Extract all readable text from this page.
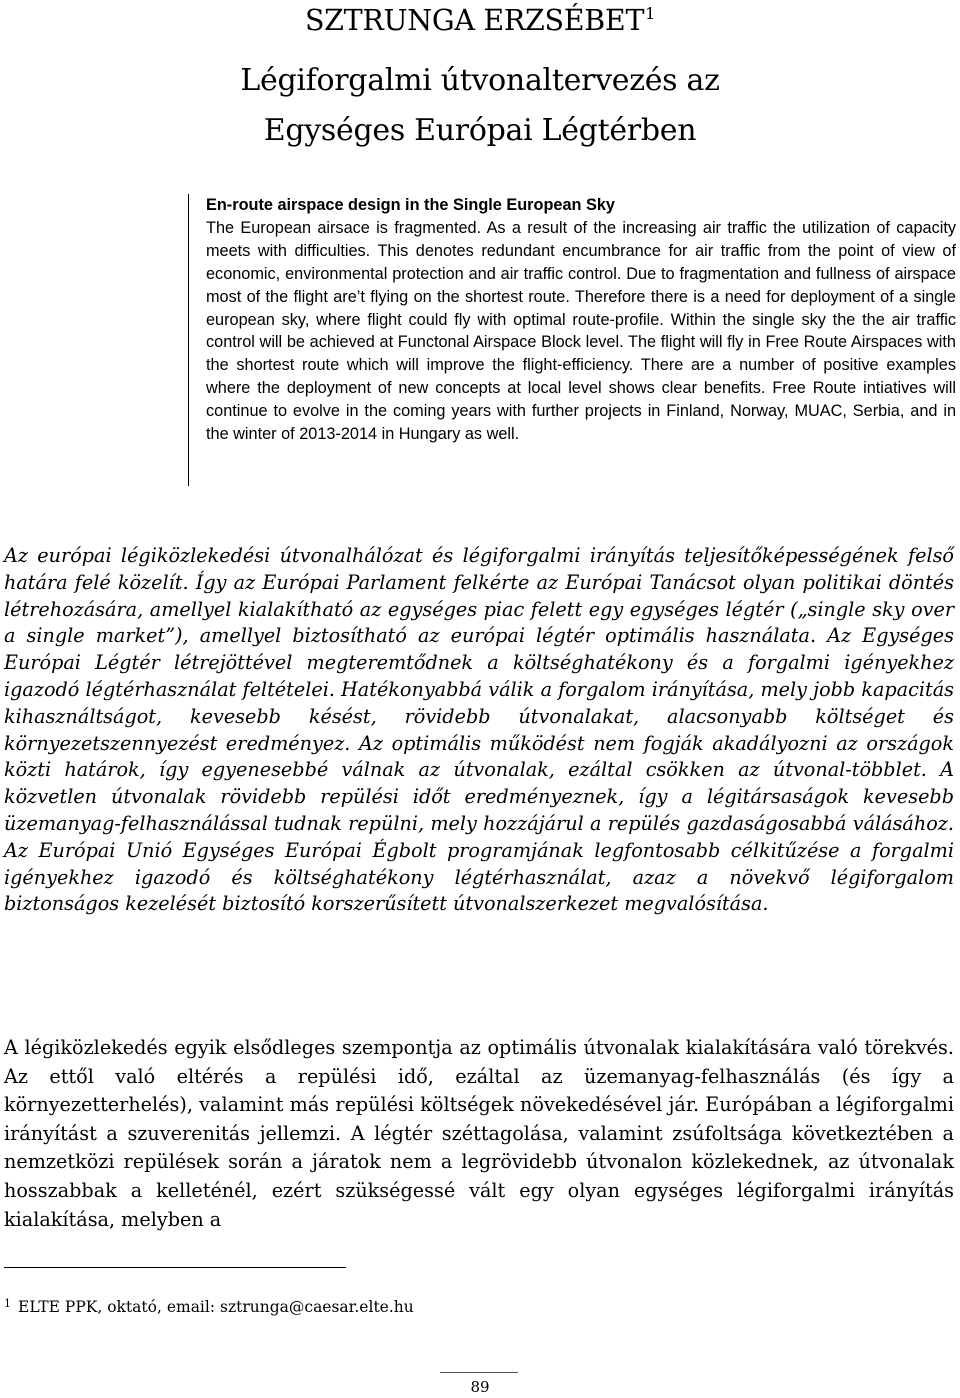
SZTRUNGA ERZSÉBET$^1$
Légiforgalmi útvonaltervezés az
Egységes Európai Légtérben
En-route airspace design in the Single European Sky
The European airsace is fragmented. As a result of the increasing air traffic the utilization of capacity meets with difficulties. This denotes redundant encumbrance for air traffic from the point of view of economic, environmental protection and air traffic control. Due to fragmentation and fullness of airspace most of the flight are’t flying on the shortest route. Therefore there is a need for deployment of a single european sky, where flight could fly with optimal route-profile. Within the single sky the the air traffic control will be achieved at Functonal Airspace Block level. The flight will fly in Free Route Airspaces with the shortest route which will improve the flight-efficiency. There are a number of positive examples where the deployment of new concepts at local level shows clear benefits. Free Route intiatives will continue to evolve in the coming years with further projects in Finland, Norway, MUAC, Serbia, and in the winter of 2013-2014 in Hungary as well.
Az európai légiközlekedési útvonalhálózat és légiforgalmi irányítás teljesítőképességének felső határa felé közelít. Így az Európai Parlament felkérte az Európai Tanácsot olyan politikai döntés létrehozására, amellyel kialakítható az egységes piac felett egy egységes légtér („single sky over a single market”), amellyel biztosítható az európai légtér optimális használata. Az Egységes Európai Légtér létrejöttével megteremtődnek a költséghatékony és a forgalmi igényekhez igazodó légtérhasználat feltételei. Hatékonyabbá válik a forgalom irányítása, mely jobb kapacitás kihasználtságot, kevesebb késést, rövidebb útvonalakat, alacsonyabb költséget és környezetszennyezést eredményez. Az optimális működést nem fogják akadályozni az országok közti határok, így egyenesebbé válnak az útvonalak, ezáltal csökken az útvonal-többlet. A közvetlen útvonalak rövidebb repülési időt eredményeznek, így a légitársaságok kevesebb üzemanyag-felhasználással tudnak repülni, mely hozzájárul a repülés gazdaságosabbá válásához. Az Európai Unió Egységes Európai Égbolt programjának legfontosabb célkitűzése a forgalmi igényekhez igazodó és költséghatékony légtérhasználat, azaz a növekvő légiforgalom biztonságos kezelését biztosító korszerűsített útvonalszerkezet megvalósítása.
A légiközlekedés egyik elsődleges szempontja az optimális útvonalak kialakítására való törekvés. Az ettől való eltérés a repülési idő, ezáltal az üzemanyag-felhasználás (és így a környezetterhelés), valamint más repülési költségek növekedésével jár. Európában a légiforgalmi irányítást a szuverenitás jellemzi. A légtér széttagolása, valamint zsúfoltsága következtében a nemzetközi repülések során a járatok nem a legrövidebb útvonalon közlekednek, az útvonalak hosszabbak a kelleténél, ezért szükségessé vált egy olyan egységes légiforgalmi irányítás kialakítása, melyben a
$^1$ ELTE PPK, oktató, email: sztrunga@caesar.elte.hu
89
